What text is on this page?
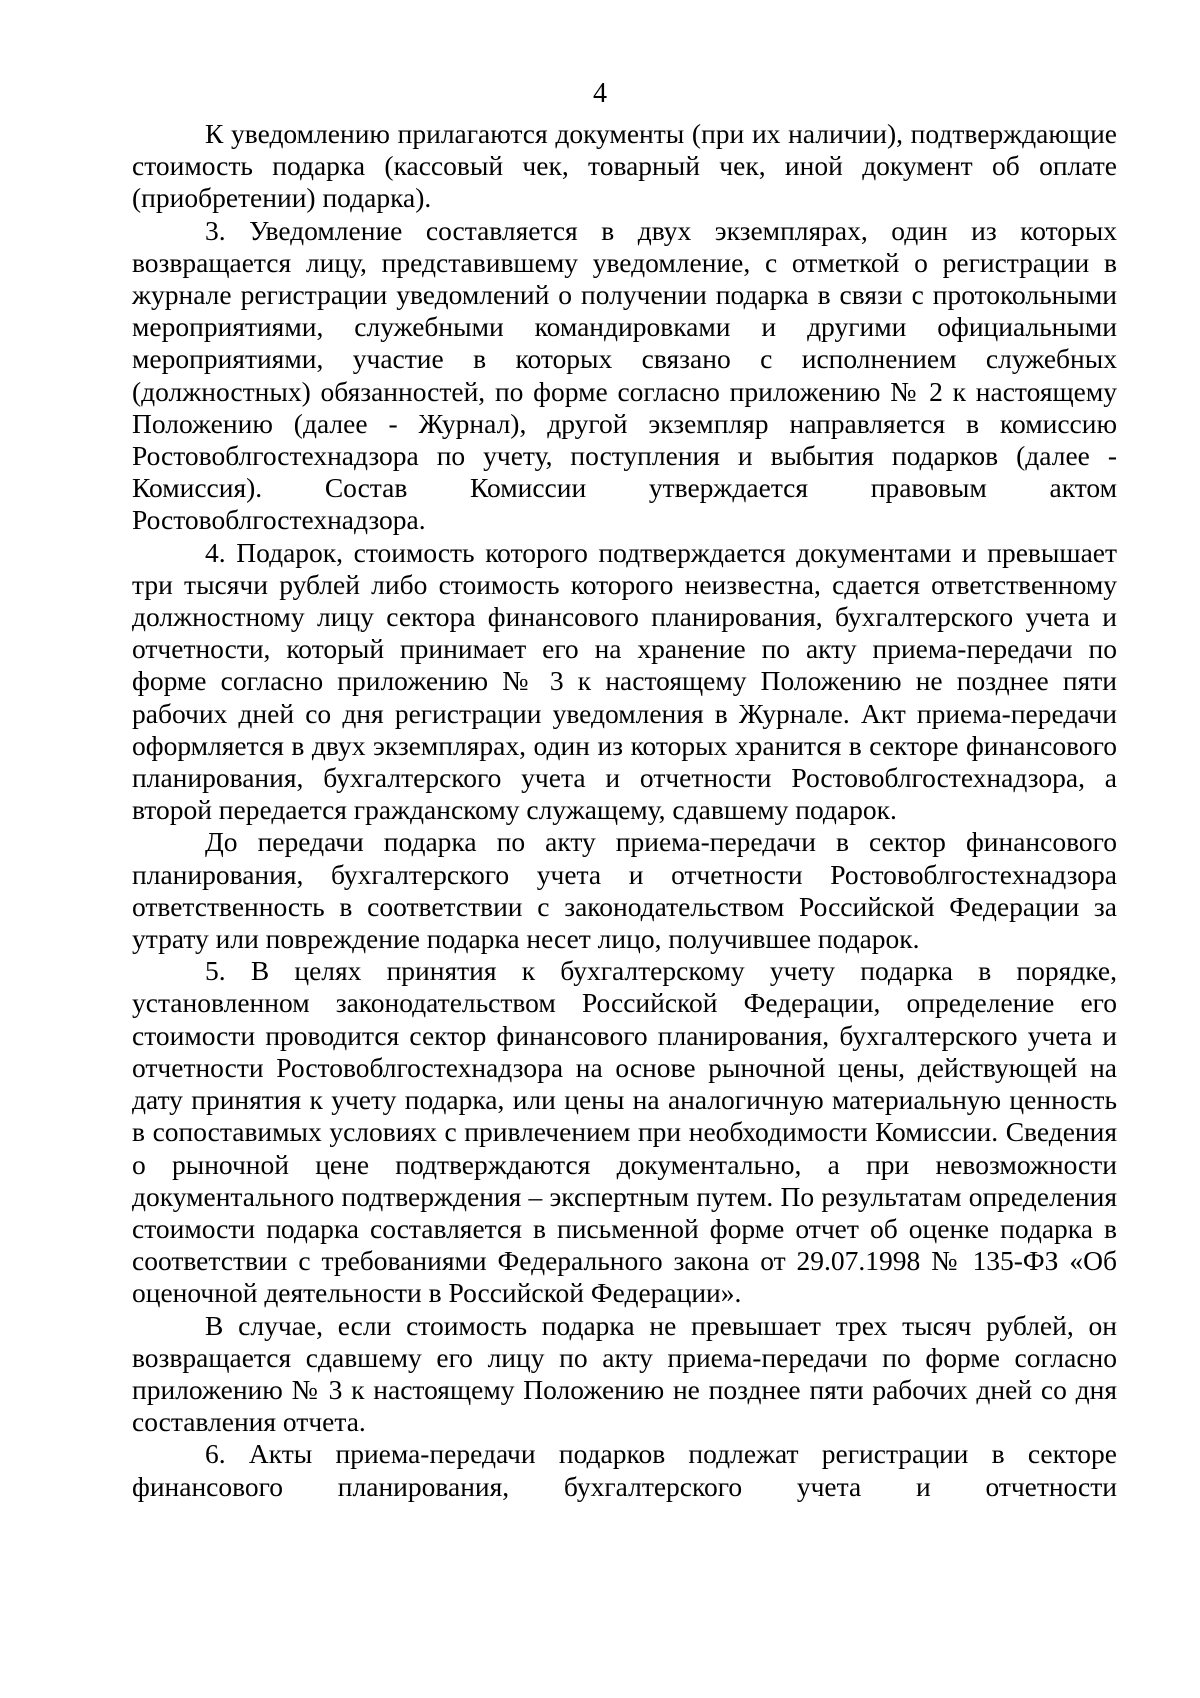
4

К уведомлению прилагаются документы (при их наличии), подтверждающие стоимость подарка (кассовый чек, товарный чек, иной документ об оплате (приобретении) подарка).

3. Уведомление составляется в двух экземплярах, один из которых возвращается лицу, представившему уведомление, с отметкой о регистрации в журнале регистрации уведомлений о получении подарка в связи с протокольными мероприятиями, служебными командировками и другими официальными мероприятиями, участие в которых связано с исполнением служебных (должностных) обязанностей, по форме согласно приложению № 2 к настоящему Положению (далее - Журнал), другой экземпляр направляется в комиссию Ростовоблгостехнадзора по учету, поступления и выбытия подарков (далее - Комиссия). Состав Комиссии утверждается правовым актом Ростовоблгостехнадзора.

4. Подарок, стоимость которого подтверждается документами и превышает три тысячи рублей либо стоимость которого неизвестна, сдается ответственному должностному лицу сектора финансового планирования, бухгалтерского учета и отчетности, который принимает его на хранение по акту приема-передачи по форме согласно приложению № 3 к настоящему Положению не позднее пяти рабочих дней со дня регистрации уведомления в Журнале. Акт приема-передачи оформляется в двух экземплярах, один из которых хранится в секторе финансового планирования, бухгалтерского учета и отчетности Ростовоблгостехнадзора, а второй передается гражданскому служащему, сдавшему подарок.

До передачи подарка по акту приема-передачи в сектор финансового планирования, бухгалтерского учета и отчетности Ростовоблгостехнадзора ответственность в соответствии с законодательством Российской Федерации за утрату или повреждение подарка несет лицо, получившее подарок.

5. В целях принятия к бухгалтерскому учету подарка в порядке, установленном законодательством Российской Федерации, определение его стоимости проводится сектор финансового планирования, бухгалтерского учета и отчетности Ростовоблгостехнадзора на основе рыночной цены, действующей на дату принятия к учету подарка, или цены на аналогичную материальную ценность в сопоставимых условиях с привлечением при необходимости Комиссии. Сведения о рыночной цене подтверждаются документально, а при невозможности документального подтверждения – экспертным путем. По результатам определения стоимости подарка составляется в письменной форме отчет об оценке подарка в соответствии с требованиями Федерального закона от 29.07.1998 № 135-ФЗ «Об оценочной деятельности в Российской Федерации».

В случае, если стоимость подарка не превышает трех тысяч рублей, он возвращается сдавшему его лицу по акту приема-передачи по форме согласно приложению № 3 к настоящему Положению не позднее пяти рабочих дней со дня составления отчета.

6. Акты приема-передачи подарков подлежат регистрации в секторе финансового планирования, бухгалтерского учета и отчетности
